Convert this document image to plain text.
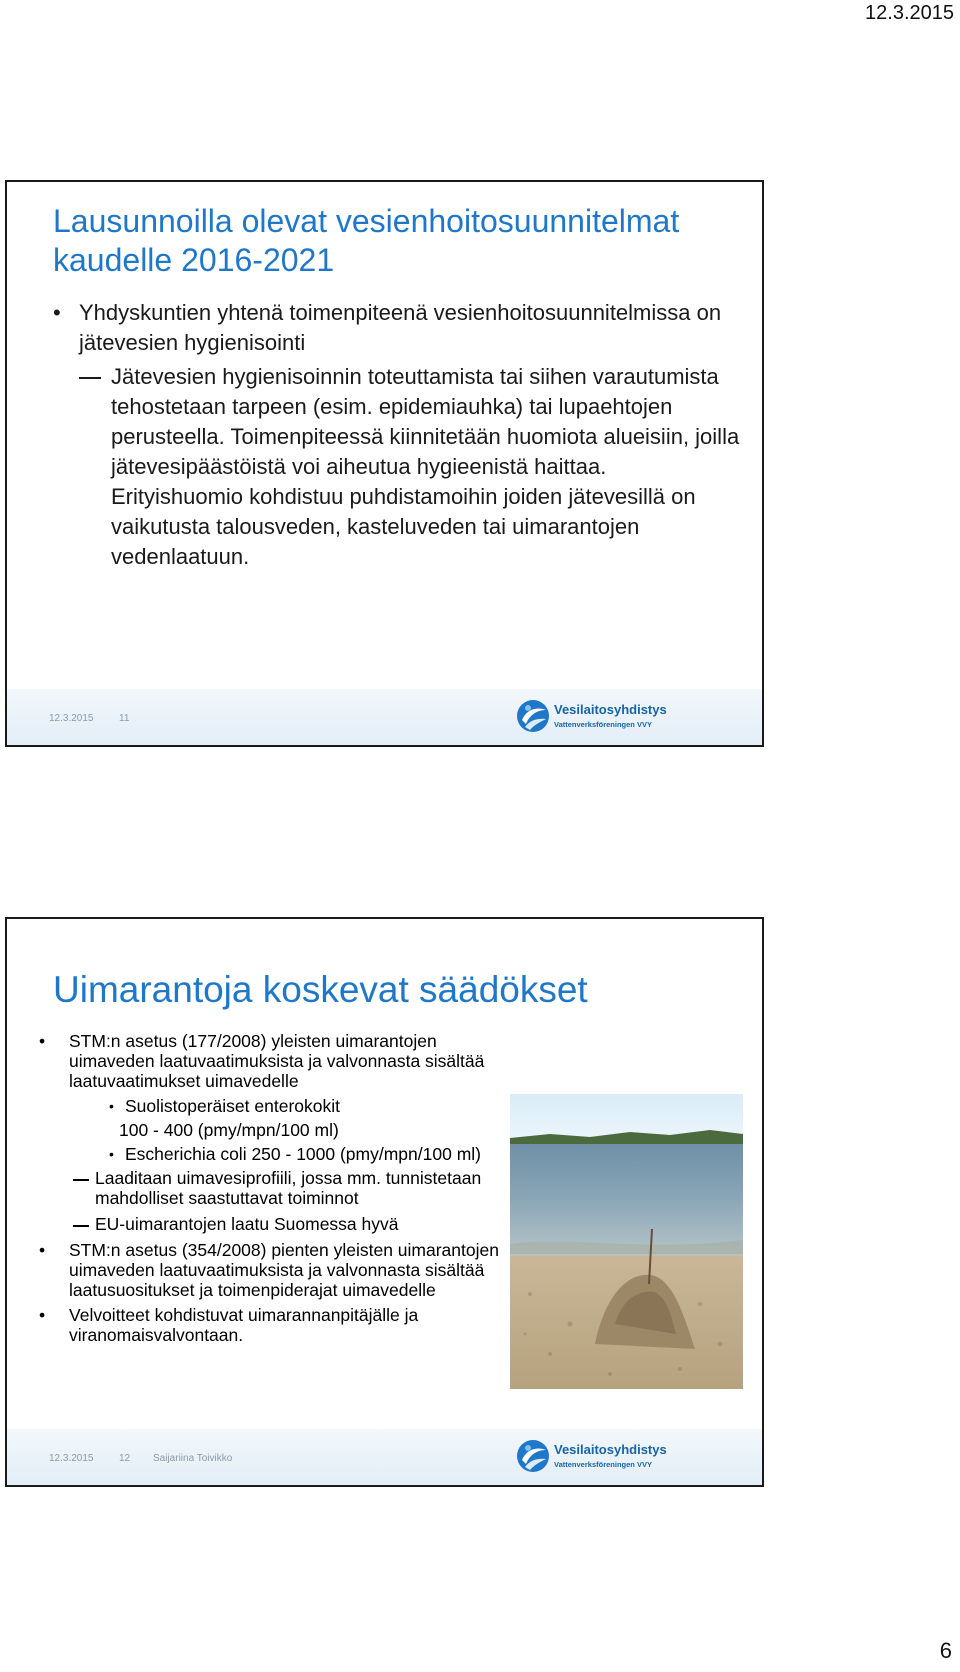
12.3.2015
Lausunnoilla olevat vesienhoitosuunnitelmat kaudelle 2016-2021

• Yhdyskuntien yhtenä toimenpiteenä vesienhoitosuunnitelmissa on jätevesien hygienisointi

Jätevesien hygienisoinnin toteuttamista tai siihen varautumista tehostetaan tarpeen (esim. epidemiauhka) tai lupaehtojen perusteella. Toimenpiteessä kiinnitetään huomiota alueisiin, joilla jätevesipäästöistä voi aiheutua hygieenistä haittaa. Erityishuomio kohdistuu puhdistamoihin joiden jätevesillä on vaikutusta talousveden, kasteluveden tai uimarantojen vedenlaatuun.

12.3.2015	11
Vesilaitosyhdistys
Vattenverksföreningen VVY
Uimarantoja koskevat säädökset

• STM:n asetus (177/2008) yleisten uimarantojen uimaveden laatuvaatimuksista ja valvonnasta sisältää laatuvaatimukset uimavedelle

• Suolistoperäiset enterokokit

100 - 400 (pmy/mpn/100 ml)

• Escherichia coli 250 - 1000 (pmy/mpn/100 ml)

Laaditaan uimavesiprofiili, jossa mm. tunnistetaan mahdolliset saastuttavat toiminnot

EU-uimarantojen laatu Suomessa hyvä

• STM:n asetus (354/2008) pienten yleisten uimarantojen uimaveden laatuvaatimuksista ja valvonnasta sisältää laatusuositukset ja toimenpiderajat uimavedelle

• Velvoitteet kohdistuvat uimarannanpitäjälle ja viranomaisvalvontaan.

12.3.2015	12 Saijariina Toivikko
Vesilaitosyhdistys
Vattenverksföreningen VVY
6
